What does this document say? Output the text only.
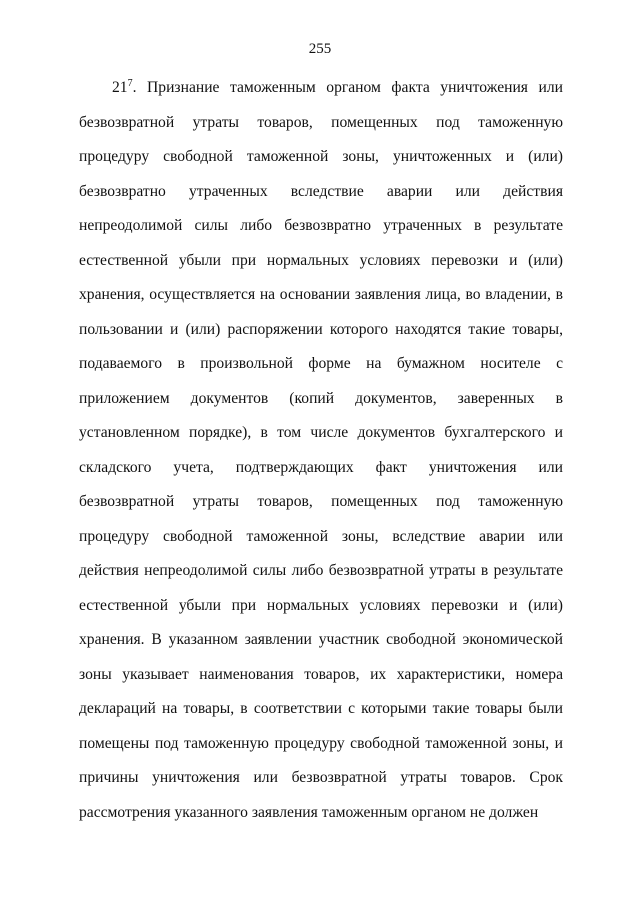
255

$21^7$. Признание таможенным органом факта уничтожения или безвозвратной утраты товаров, помещенных под таможенную процедуру свободной таможенной зоны, уничтоженных и (или) безвозвратно утраченных вследствие аварии или действия непреодолимой силы либо безвозвратно утраченных в результате естественной убыли при нормальных условиях перевозки и (или) хранения, осуществляется на основании заявления лица, во владении, в пользовании и (или) распоряжении которого находятся такие товары, подаваемого в произвольной форме на бумажном носителе с приложением документов (копий документов, заверенных в установленном порядке), в том числе документов бухгалтерского и складского учета, подтверждающих факт уничтожения или безвозвратной утраты товаров, помещенных под таможенную процедуру свободной таможенной зоны, вследствие аварии или действия непреодолимой силы либо безвозвратной утраты в результате естественной убыли при нормальных условиях перевозки и (или) хранения. В указанном заявлении участник свободной экономической зоны указывает наименования товаров, их характеристики, номера деклараций на товары, в соответствии с которыми такие товары были помещены под таможенную процедуру свободной таможенной зоны, и причины уничтожения или безвозвратной утраты товаров. Срок рассмотрения указанного заявления таможенным органом не должен
